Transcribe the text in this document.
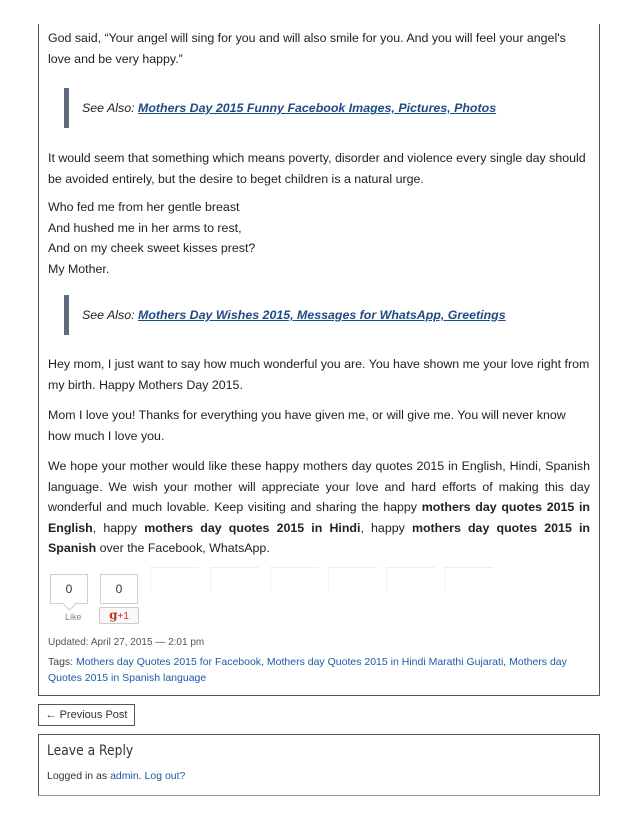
God said, “Your angel will sing for you and will also smile for you. And you will feel your angel's love and be very happy.”

See Also: Mothers Day 2015 Funny Facebook Images, Pictures, Photos

It would seem that something which means poverty, disorder and violence every single day should be avoided entirely, but the desire to beget children is a natural urge.

Who fed me from her gentle breast

And hushed me in her arms to rest,

And on my cheek sweet kisses prest?

My Mother.

See Also: Mothers Day Wishes 2015, Messages for WhatsApp, Greetings

Hey mom, I just want to say how much wonderful you are. You have shown me your love right from my birth. Happy Mothers Day 2015.

Mom I love you! Thanks for everything you have given me, or will give me. You will never know how much I love you.

We hope your mother would like these happy mothers day quotes 2015 in English, Hindi, Spanish language. We wish your mother will appreciate your love and hard efforts of making this day wonderful and much lovable. Keep visiting and sharing the happy mothers day quotes 2015 in English, happy mothers day quotes 2015 in Hindi, happy mothers day quotes 2015 in Spanish over the Facebook, WhatsApp.

0
Like
0
g+1
Updated: April 27, 2015 — 2:01 pm
Tags: Mothers day Quotes 2015 for Facebook, Mothers day Quotes 2015 in Hindi Marathi Gujarati, Mothers day Quotes 2015 in Spanish language
← Previous Post
Leave a Reply
Logged in as admin. Log out?
